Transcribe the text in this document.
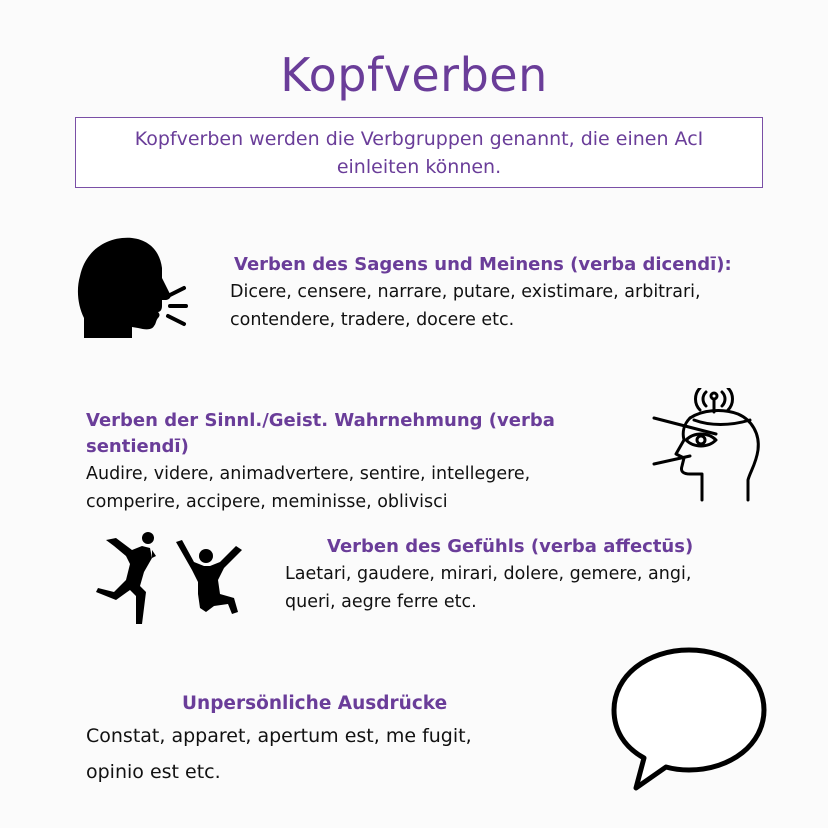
Kopfverben
Kopfverben werden die Verbgruppen genannt, die einen AcI
einleiten können.
Verben des Sagens und Meinens (verba dicendī):
Dicere, censere, narrare, putare, existimare, arbitrari,
contendere, tradere, docere etc.
Verben der Sinnl./Geist. Wahrnehmung (verba sentiendī)
Audire, videre, animadvertere, sentire, intellegere,
comperire, accipere, meminisse, oblivisci
Verben des Gefühls (verba affectūs)
Laetari, gaudere, mirari, dolere, gemere, angi,
queri, aegre ferre etc.
Unpersönliche Ausdrücke
Constat, apparet, apertum est, me fugit,
opinio est etc.
